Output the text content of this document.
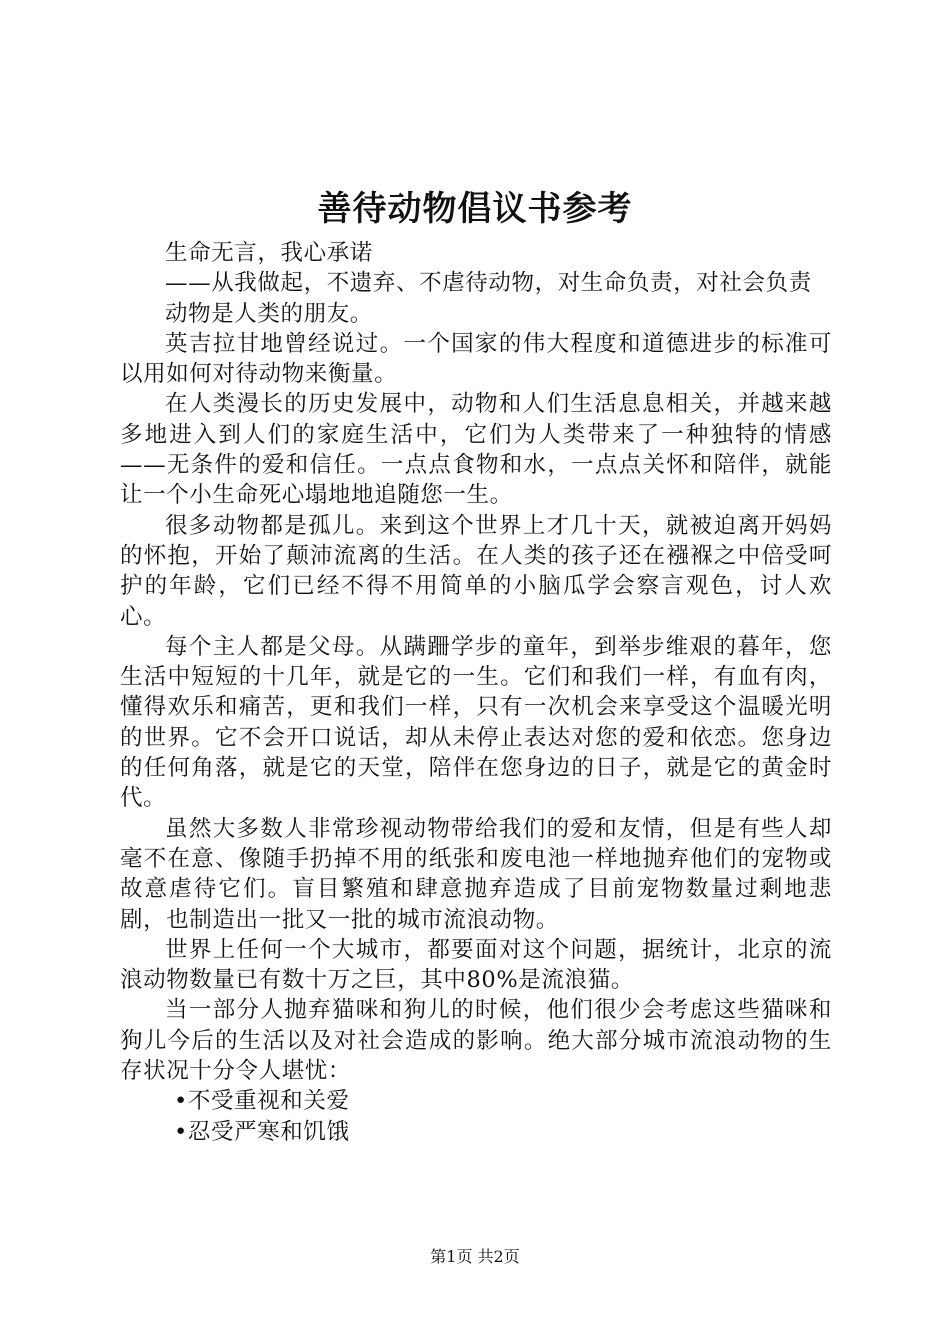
善待动物倡议书参考

生命无言，我心承诺

——从我做起，不遗弃、不虐待动物，对生命负责，对社会负责

动物是人类的朋友。

英吉拉甘地曾经说过。一个国家的伟大程度和道德进步的标准可以用如何对待动物来衡量。

在人类漫长的历史发展中，动物和人们生活息息相关，并越来越多地进入到人们的家庭生活中，它们为人类带来了一种独特的情感——无条件的爱和信任。一点点食物和水，一点点关怀和陪伴，就能让一个小生命死心塌地地追随您一生。

很多动物都是孤儿。来到这个世界上才几十天，就被迫离开妈妈的怀抱，开始了颠沛流离的生活。在人类的孩子还在襁褓之中倍受呵护的年龄，它们已经不得不用简单的小脑瓜学会察言观色，讨人欢心。

每个主人都是父母。从蹒跚学步的童年，到举步维艰的暮年，您生活中短短的十几年，就是它的一生。它们和我们一样，有血有肉，懂得欢乐和痛苦，更和我们一样，只有一次机会来享受这个温暖光明的世界。它不会开口说话，却从未停止表达对您的爱和依恋。您身边的任何角落，就是它的天堂，陪伴在您身边的日子，就是它的黄金时代。

虽然大多数人非常珍视动物带给我们的爱和友情，但是有些人却毫不在意、像随手扔掉不用的纸张和废电池一样地抛弃他们的宠物或故意虐待它们。盲目繁殖和肆意抛弃造成了目前宠物数量过剩地悲剧，也制造出一批又一批的城市流浪动物。

世界上任何一个大城市，都要面对这个问题，据统计，北京的流浪动物数量已有数十万之巨，其中80%是流浪猫。

当一部分人抛弃猫咪和狗儿的时候，他们很少会考虑这些猫咪和狗儿今后的生活以及对社会造成的影响。绝大部分城市流浪动物的生存状况十分令人堪忧：

•不受重视和关爱

•忍受严寒和饥饿

第1页 共2页
